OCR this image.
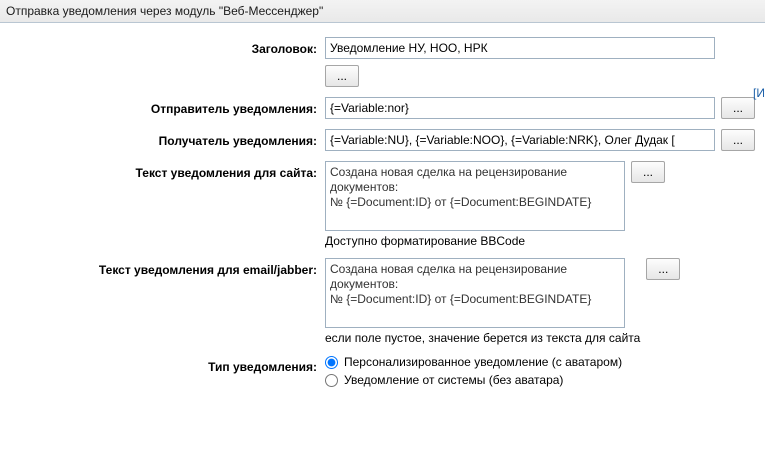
Отправка уведомления через модуль "Веб-Мессенджер"
[И
Заголовок:
Уведомление НУ, НОО, НРК
...
Отправитель уведомления:
{=Variable:nor}	...
Получатель уведомления:
{=Variable:NU}, {=Variable:NOO}, {=Variable:NRK}, Олег Дудак [	...
Текст уведомления для сайта:
Создана новая сделка на рецензирование документов: № {=Document:ID} от {=Document:BEGINDATE}
Доступно форматирование BBCode
...
Текст уведомления для email/jabber:
Создана новая сделка на рецензирование документов: № {=Document:ID} от {=Document:BEGINDATE}
если поле пустое, значение берется из текста для сайта
...
Тип уведомления:	Персонализированное уведомление (с аватаром)
Уведомление от системы (без аватара)
